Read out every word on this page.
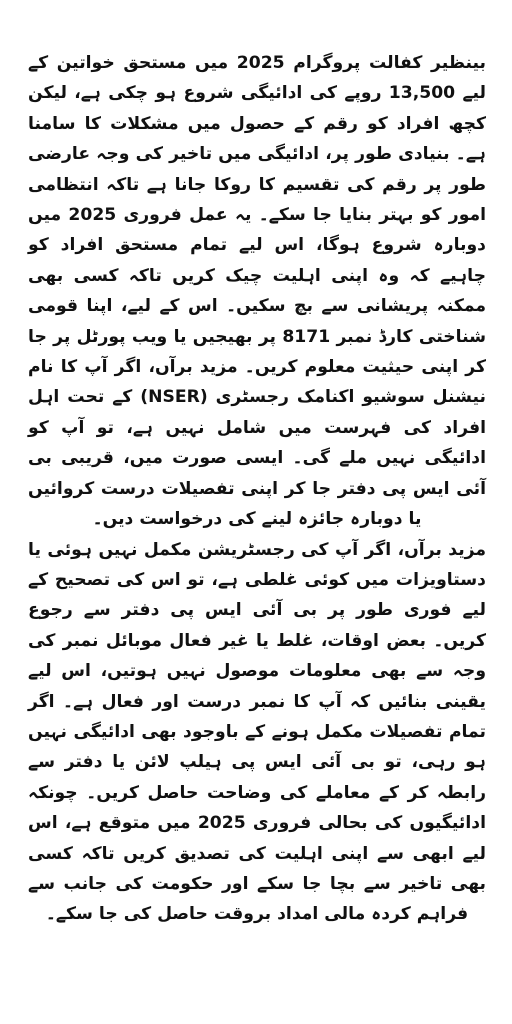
بینظیر کفالت پروگرام 2025 میں مستحق خواتین کے لیے 13,500 روپے کی ادائیگی شروع ہو چکی ہے، لیکن کچھ افراد کو رقم کے حصول میں مشکلات کا سامنا ہے۔ بنیادی طور پر، ادائیگی میں تاخیر کی وجہ عارضی طور پر رقم کی تقسیم کا روکا جانا ہے تاکہ انتظامی امور کو بہتر بنایا جا سکے۔ یہ عمل فروری 2025 میں دوبارہ شروع ہوگا، اس لیے تمام مستحق افراد کو چاہیے کہ وہ اپنی اہلیت چیک کریں تاکہ کسی بھی ممکنہ پریشانی سے بچ سکیں۔ اس کے لیے، اپنا قومی شناختی کارڈ نمبر 8171 پر بھیجیں یا ویب پورٹل پر جا کر اپنی حیثیت معلوم کریں۔ مزید برآں، اگر آپ کا نام نیشنل سوشیو اکنامک رجسٹری (NSER) کے تحت اہل افراد کی فہرست میں شامل نہیں ہے، تو آپ کو ادائیگی نہیں ملے گی۔ ایسی صورت میں، قریبی بی آئی ایس پی دفتر جا کر اپنی تفصیلات درست کروائیں یا دوبارہ جائزہ لینے کی درخواست دیں۔

مزید برآں، اگر آپ کی رجسٹریشن مکمل نہیں ہوئی یا دستاویزات میں کوئی غلطی ہے، تو اس کی تصحیح کے لیے فوری طور پر بی آئی ایس پی دفتر سے رجوع کریں۔ بعض اوقات، غلط یا غیر فعال موبائل نمبر کی وجہ سے بھی معلومات موصول نہیں ہوتیں، اس لیے یقینی بنائیں کہ آپ کا نمبر درست اور فعال ہے۔ اگر تمام تفصیلات مکمل ہونے کے باوجود بھی ادائیگی نہیں ہو رہی، تو بی آئی ایس پی ہیلپ لائن یا دفتر سے رابطہ کر کے معاملے کی وضاحت حاصل کریں۔ چونکہ ادائیگیوں کی بحالی فروری 2025 میں متوقع ہے، اس لیے ابھی سے اپنی اہلیت کی تصدیق کریں تاکہ کسی بھی تاخیر سے بچا جا سکے اور حکومت کی جانب سے فراہم کردہ مالی امداد بروقت حاصل کی جا سکے۔
